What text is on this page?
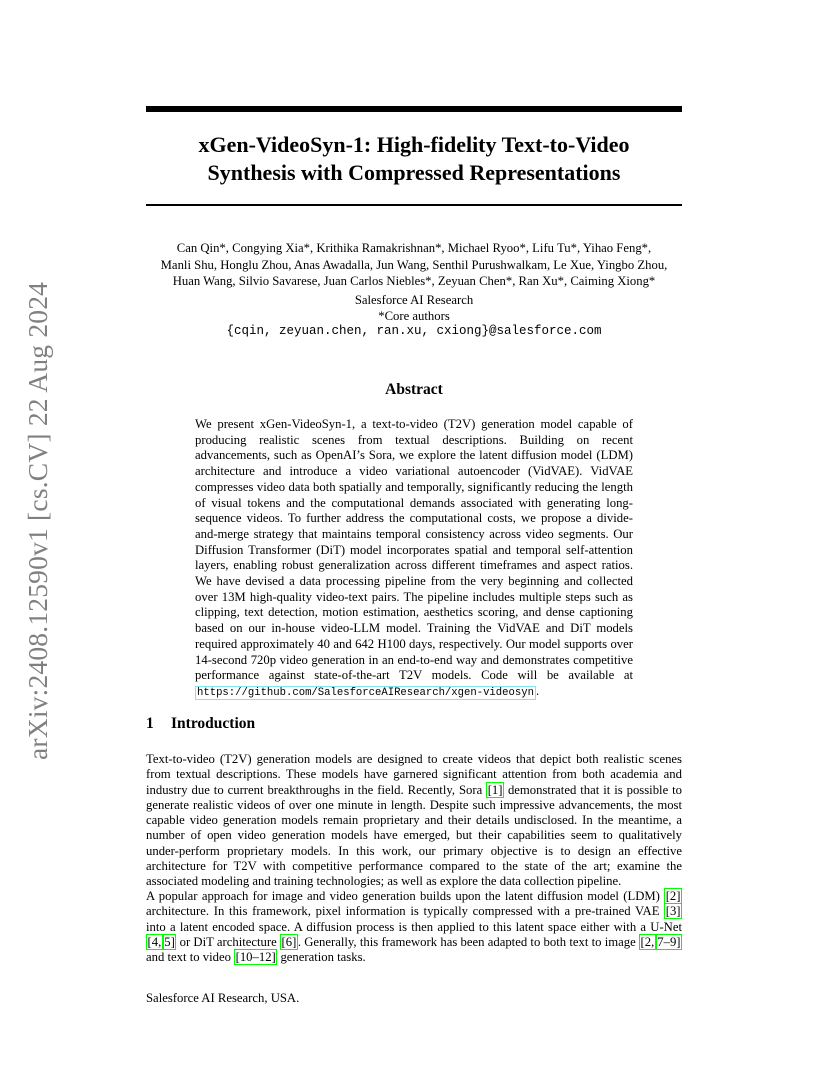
arXiv:2408.12590v1 [cs.CV] 22 Aug 2024
xGen-VideoSyn-1: High-fidelity Text-to-Video
Synthesis with Compressed Representations
Can Qin*, Congying Xia*, Krithika Ramakrishnan*, Michael Ryoo*, Lifu Tu*, Yihao Feng*,
Manli Shu, Honglu Zhou, Anas Awadalla, Jun Wang, Senthil Purushwalkam, Le Xue, Yingbo Zhou,
Huan Wang, Silvio Savarese, Juan Carlos Niebles*, Zeyuan Chen*, Ran Xu*, Caiming Xiong*
Salesforce AI Research
*Core authors
{cqin, zeyuan.chen, ran.xu, cxiong}@salesforce.com
Abstract
We present xGen-VideoSyn-1, a text-to-video (T2V) generation model capable of producing realistic scenes from textual descriptions. Building on recent advancements, such as OpenAI’s Sora, we explore the latent diffusion model (LDM) architecture and introduce a video variational autoencoder (VidVAE). VidVAE compresses video data both spatially and temporally, significantly reducing the length of visual tokens and the computational demands associated with generating long-sequence videos. To further address the computational costs, we propose a divide-and-merge strategy that maintains temporal consistency across video segments. Our Diffusion Transformer (DiT) model incorporates spatial and temporal self-attention layers, enabling robust generalization across different timeframes and aspect ratios. We have devised a data processing pipeline from the very beginning and collected over 13M high-quality video-text pairs. The pipeline includes multiple steps such as clipping, text detection, motion estimation, aesthetics scoring, and dense captioning based on our in-house video-LLM model. Training the VidVAE and DiT models required approximately 40 and 642 H100 days, respectively. Our model supports over 14-second 720p video generation in an end-to-end way and demonstrates competitive performance against state-of-the-art T2V models. Code will be available at https://github.com/SalesforceAIResearch/xgen-videosyn .
1 Introduction
Text-to-video (T2V) generation models are designed to create videos that depict both realistic scenes from textual descriptions. These models have garnered significant attention from both academia and industry due to current breakthroughs in the field. Recently, Sora [1] demonstrated that it is possible to generate realistic videos of over one minute in length. Despite such impressive advancements, the most capable video generation models remain proprietary and their details undisclosed. In the meantime, a number of open video generation models have emerged, but their capabilities seem to qualitatively under-perform proprietary models. In this work, our primary objective is to design an effective architecture for T2V with competitive performance compared to the state of the art; examine the associated modeling and training technologies; as well as explore the data collection pipeline.
A popular approach for image and video generation builds upon the latent diffusion model (LDM) [2] architecture. In this framework, pixel information is typically compressed with a pre-trained VAE [3] into a latent encoded space. A diffusion process is then applied to this latent space either with a U-Net [4, 5] or DiT architecture [6] . Generally, this framework has been adapted to both text to image [2, 7–9] and text to video [10–12] generation tasks.
Salesforce AI Research, USA.
